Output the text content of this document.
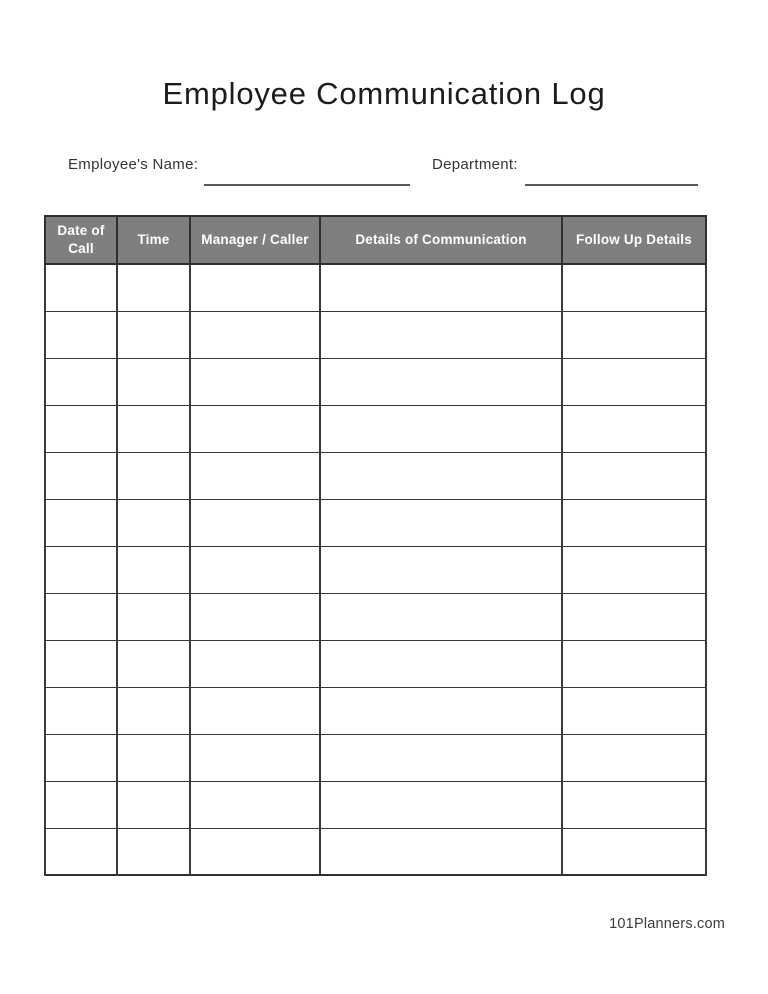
Employee Communication Log
Employee's Name:	Department:
Date of Call	Time	Manager / Caller	Details of Communication	Follow Up Details

101Planners.com
